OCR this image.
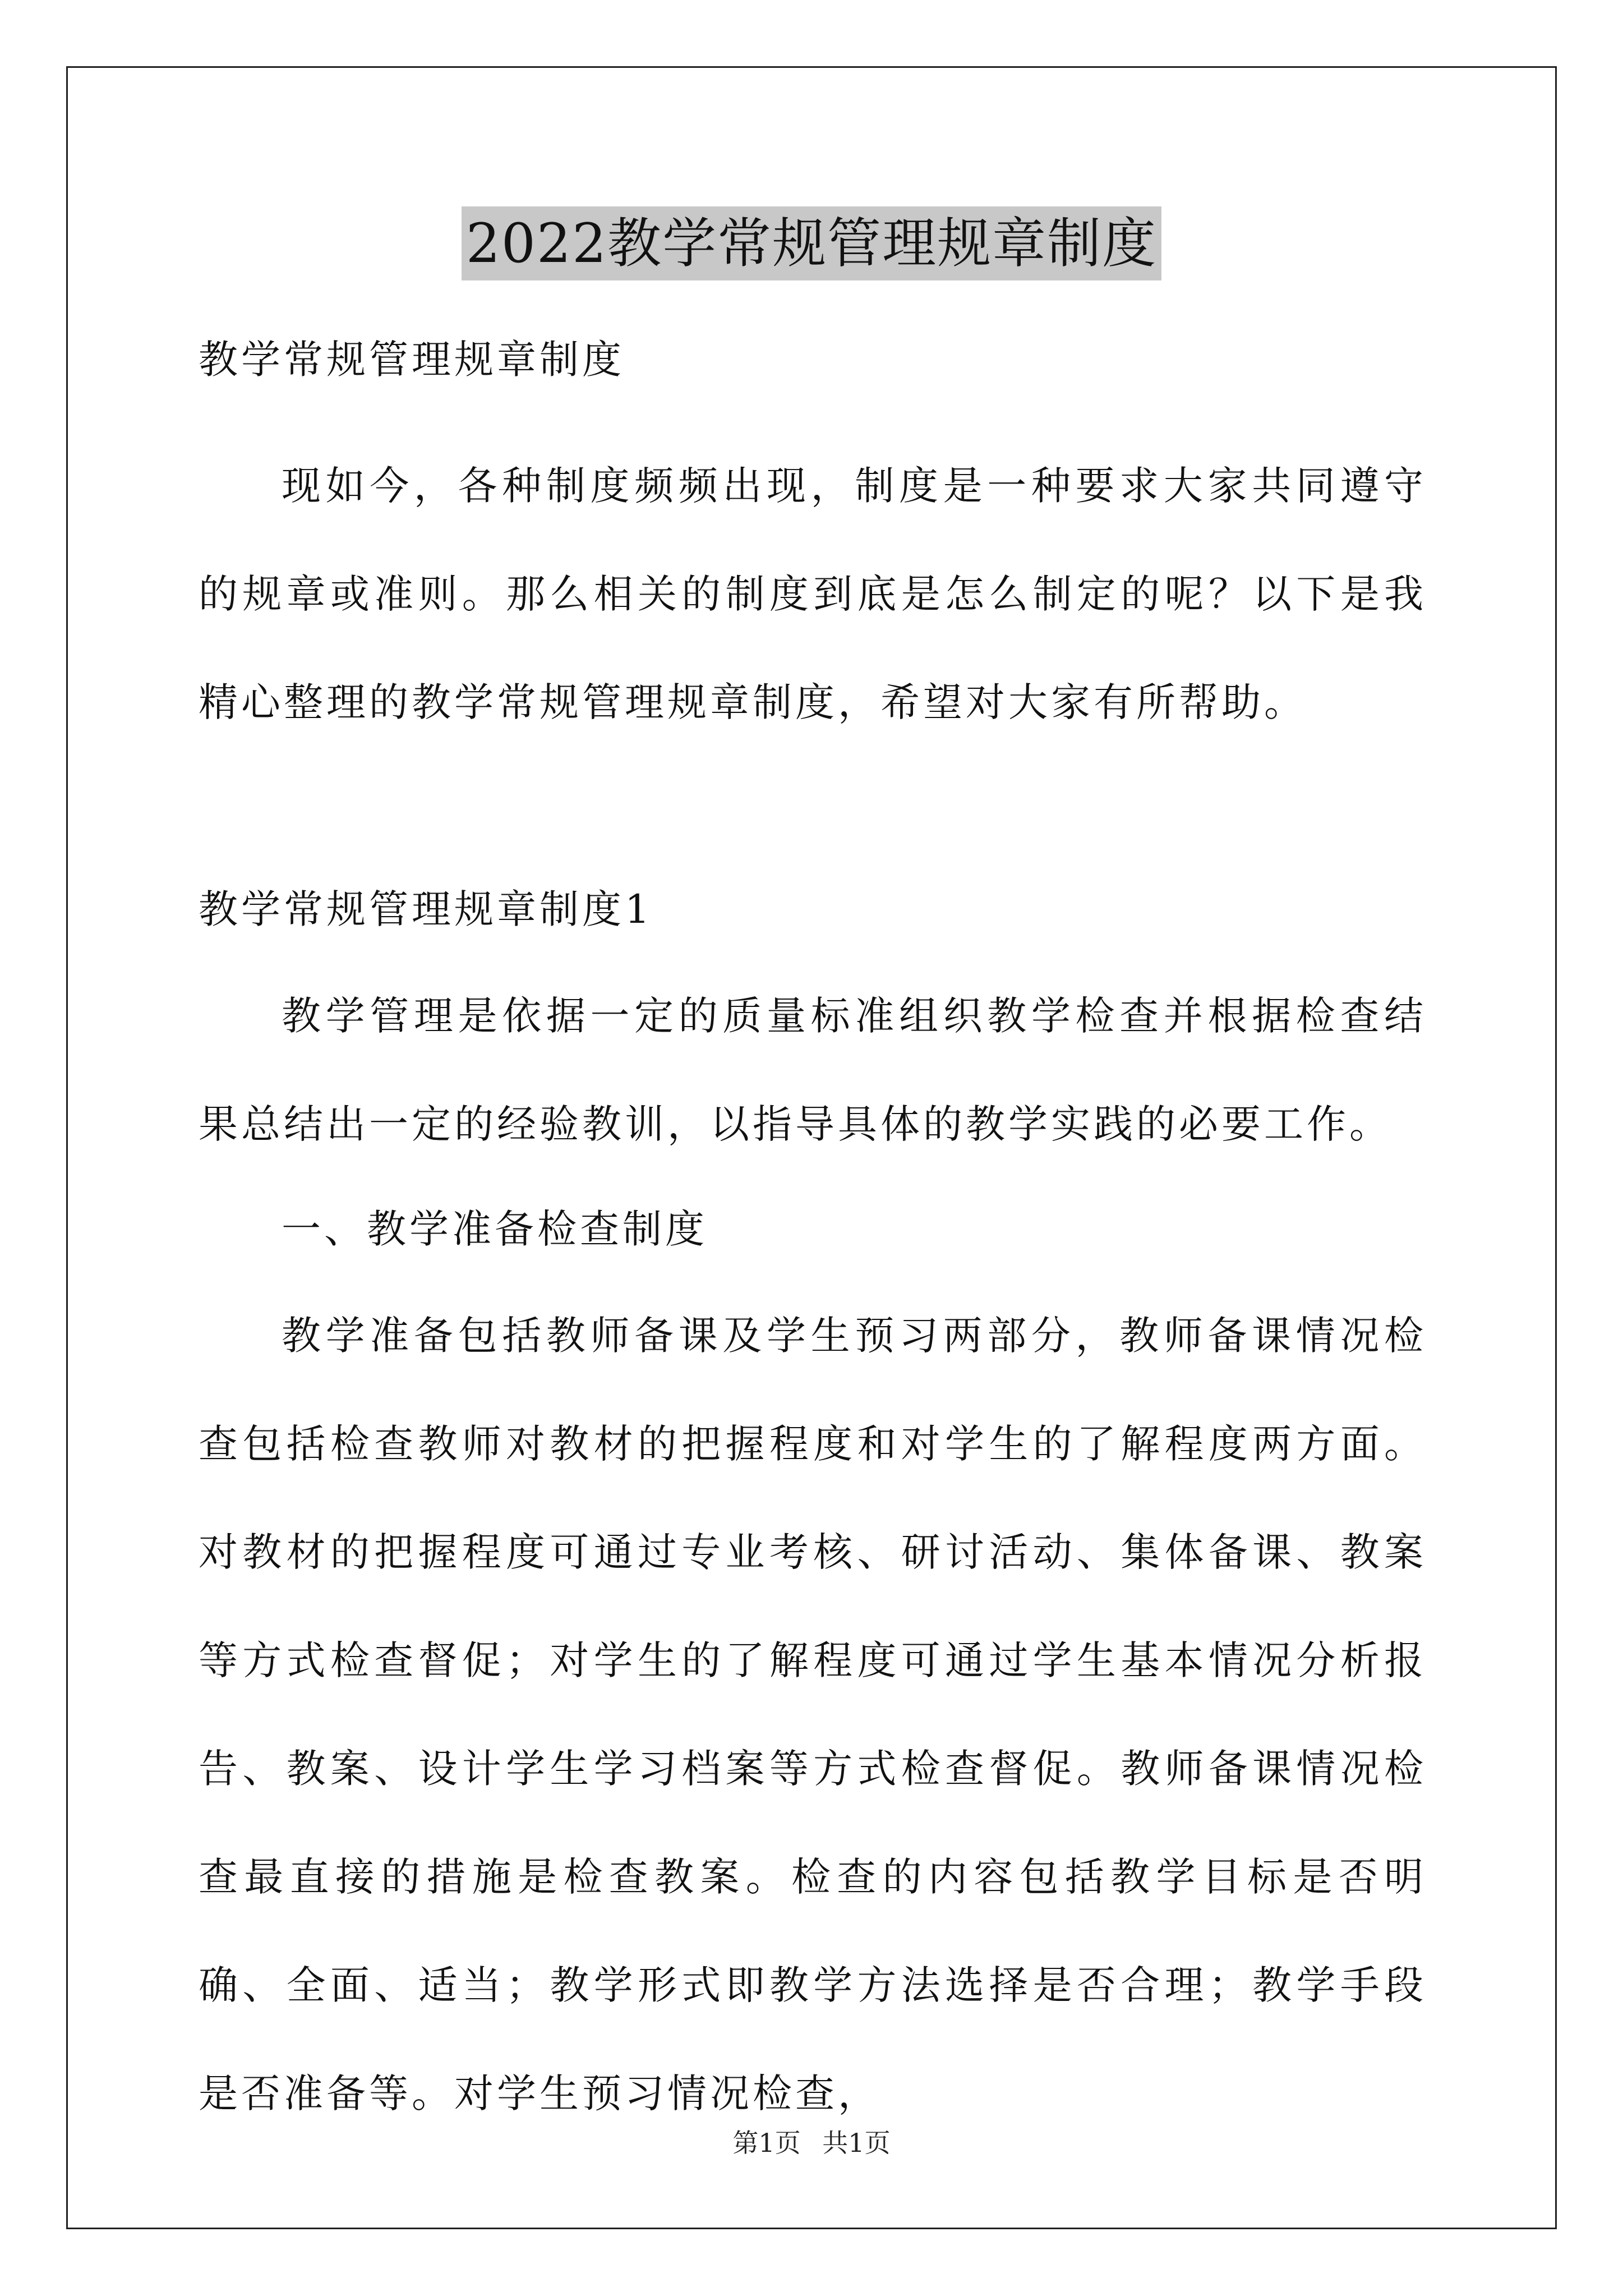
2022教学常规管理规章制度

教学常规管理规章制度

现如今，各种制度频频出现，制度是一种要求大家共同遵守的规章或准则。那么相关的制度到底是怎么制定的呢？以下是我精心整理的教学常规管理规章制度，希望对大家有所帮助。

教学常规管理规章制度1

教学管理是依据一定的质量标准组织教学检查并根据检查结果总结出一定的经验教训，以指导具体的教学实践的必要工作。

一、教学准备检查制度

教学准备包括教师备课及学生预习两部分，教师备课情况检查包括检查教师对教材的把握程度和对学生的了解程度两方面。对教材的把握程度可通过专业考核、研讨活动、集体备课、教案等方式检查督促；对学生的了解程度可通过学生基本情况分析报告、教案、设计学生学习档案等方式检查督促。教师备课情况检查最直接的措施是检查教案。检查的内容包括教学目标是否明确、全面、适当；教学形式即教学方法选择是否合理；教学手段是否准备等。对学生预习情况检查，

第1页 共1页
